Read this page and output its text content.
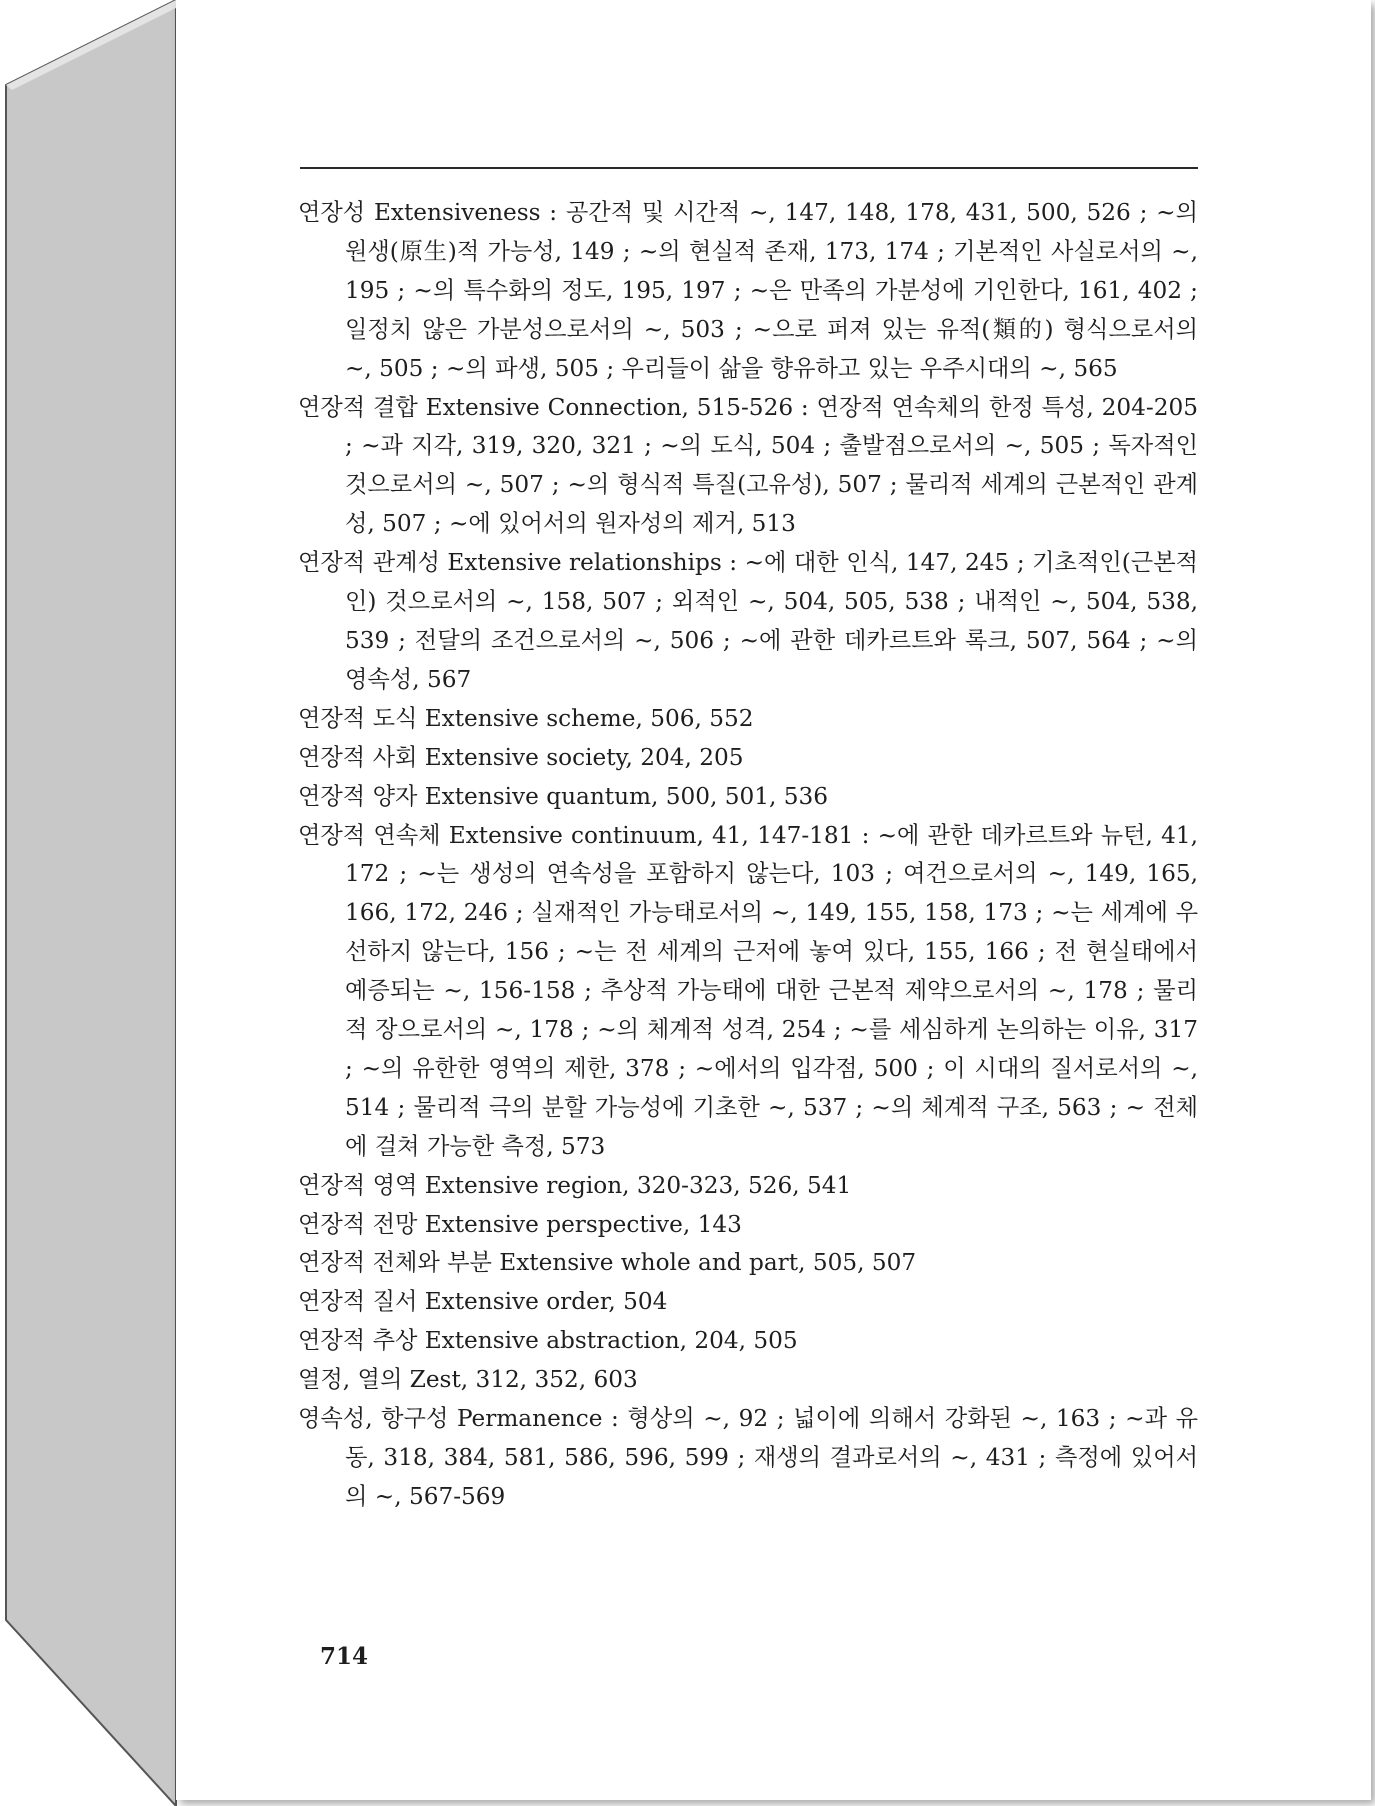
연장성 Extensiveness : 공간적 및 시간적 ~, 147, 148, 178, 431, 500, 526 ; ~의 원생(原生)적 가능성, 149 ; ~의 현실적 존재, 173, 174 ; 기본적인 사실로서의 ~, 195 ; ~의 특수화의 정도, 195, 197 ; ~은 만족의 가분성에 기인한다, 161, 402 ; 일정치 않은 가분성으로서의 ~, 503 ; ~으로 퍼져 있는 유적(類的) 형식으로서의 ~, 505 ; ~의 파생, 505 ; 우리들이 삶을 향유하고 있는 우주시대의 ~, 565

연장적 결합 Extensive Connection, 515-526 : 연장적 연속체의 한정 특성, 204-205 ; ~과 지각, 319, 320, 321 ; ~의 도식, 504 ; 출발점으로서의 ~, 505 ; 독자적인 것으로서의 ~, 507 ; ~의 형식적 특질(고유성), 507 ; 물리적 세계의 근본적인 관계성, 507 ; ~에 있어서의 원자성의 제거, 513

연장적 관계성 Extensive relationships : ~에 대한 인식, 147, 245 ; 기초적인(근본적인) 것으로서의 ~, 158, 507 ; 외적인 ~, 504, 505, 538 ; 내적인 ~, 504, 538, 539 ; 전달의 조건으로서의 ~, 506 ; ~에 관한 데카르트와 록크, 507, 564 ; ~의 영속성, 567

연장적 도식 Extensive scheme, 506, 552

연장적 사회 Extensive society, 204, 205

연장적 양자 Extensive quantum, 500, 501, 536

연장적 연속체 Extensive continuum, 41, 147-181 : ~에 관한 데카르트와 뉴턴, 41, 172 ; ~는 생성의 연속성을 포함하지 않는다, 103 ; 여건으로서의 ~, 149, 165, 166, 172, 246 ; 실재적인 가능태로서의 ~, 149, 155, 158, 173 ; ~는 세계에 우선하지 않는다, 156 ; ~는 전 세계의 근저에 놓여 있다, 155, 166 ; 전 현실태에서 예증되는 ~, 156-158 ; 추상적 가능태에 대한 근본적 제약으로서의 ~, 178 ; 물리적 장으로서의 ~, 178 ; ~의 체계적 성격, 254 ; ~를 세심하게 논의하는 이유, 317 ; ~의 유한한 영역의 제한, 378 ; ~에서의 입각점, 500 ; 이 시대의 질서로서의 ~, 514 ; 물리적 극의 분할 가능성에 기초한 ~, 537 ; ~의 체계적 구조, 563 ; ~ 전체에 걸쳐 가능한 측정, 573

연장적 영역 Extensive region, 320-323, 526, 541

연장적 전망 Extensive perspective, 143

연장적 전체와 부분 Extensive whole and part, 505, 507

연장적 질서 Extensive order, 504

연장적 추상 Extensive abstraction, 204, 505

열정, 열의 Zest, 312, 352, 603

영속성, 항구성 Permanence : 형상의 ~, 92 ; 넓이에 의해서 강화된 ~, 163 ; ~과 유동, 318, 384, 581, 586, 596, 599 ; 재생의 결과로서의 ~, 431 ; 측정에 있어서의 ~, 567-569

714
